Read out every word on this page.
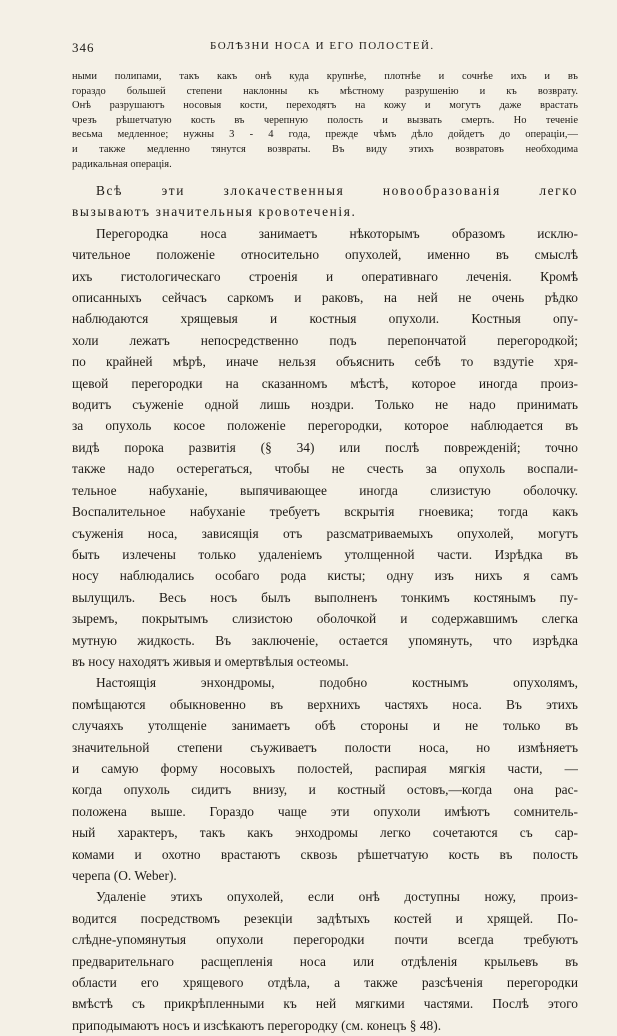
346	БОЛѢЗНИ НОСА И ЕГО ПОЛОСТЕЙ.
ными полипами, такъ какъ онѣ куда крупнѣе, плотнѣе и сочнѣе ихъ и въ
гораздо большей степени наклонны къ мѣстному разрушенію и къ возврату.
Онѣ разрушаютъ носовыя кости, переходятъ на кожу и могутъ даже врастать
чрезъ рѣшетчатую кость въ черепную полость и вызвать смерть. Но теченіе
весьма медленное; нужны 3 - 4 года, прежде чѣмъ дѣло дойдетъ до операціи,—
и также медленно тянутся возвраты. Въ виду этихъ возвратовъ необходима
радикальная операція.
Всѣ эти злокачественныя новообразованія легко
вызываютъ значительныя кровотеченія.
Перегородка носа занимаетъ нѣкоторымъ образомъ исклю-
чительное положеніе относительно опухолей, именно въ смыслѣ
ихъ гистологическаго строенія и оперативнаго леченія. Кромѣ
описанныхъ сейчасъ саркомъ и раковъ, на ней не очень рѣдко
наблюдаются хрящевыя и костныя опухоли. Костныя опу-
холи лежатъ непосредственно подъ перепончатой перегородкой;
по крайней мѣрѣ, иначе нельзя объяснить себѣ то вздутіе хря-
щевой перегородки на сказанномъ мѣстѣ, которое иногда произ-
водитъ съуженіе одной лишь ноздри. Только не надо принимать
за опухоль косое положеніе перегородки, которое наблюдается въ
видѣ порока развитія (§ 34) или послѣ поврежденій; точно
также надо остерегаться, чтобы не счесть за опухоль воспали-
тельное набуханіе, выпячивающее иногда слизистую оболочку.
Воспалительное набуханіе требуетъ вскрытія гноевика; тогда какъ
съуженія носа, зависящія отъ разсматриваемыхъ опухолей, могутъ
быть излечены только удаленіемъ утолщенной части. Изрѣдка въ
носу наблюдались особаго рода кисты; одну изъ нихъ я самъ
вылущилъ. Весь носъ былъ выполненъ тонкимъ костянымъ пу-
зыремъ, покрытымъ слизистою оболочкой и содержавшимъ слегка
мутную жидкость. Въ заключеніе, остается упомянуть, что изрѣдка
въ носу находятъ живыя и омертвѣлыя остеомы.
Настоящія энхондромы, подобно костнымъ опухолямъ,
помѣщаются обыкновенно въ верхнихъ частяхъ носа. Въ этихъ
случаяхъ утолщеніе занимаетъ обѣ стороны и не только въ
значительной степени съуживаетъ полости носа, но измѣняетъ
и самую форму носовыхъ полостей, распирая мягкія части, —
когда опухоль сидитъ внизу, и костный остовъ,—когда она рас-
положена выше. Гораздо чаще эти опухоли имѣютъ сомнитель-
ный характеръ, такъ какъ энходромы легко сочетаются съ сар-
комами и охотно врастаютъ сквозь рѣшетчатую кость въ полость
черепа (O. Weber).
Удаленіе этихъ опухолей, если онѣ доступны ножу, произ-
водится посредствомъ резекціи задѣтыхъ костей и хрящей. По-
слѣдне-упомянутыя опухоли перегородки почти всегда требуютъ
предварительнаго расщепленія носа или отдѣленія крыльевъ въ
области его хрящевого отдѣла, а также разсѣченія перегородки
вмѣстѣ съ прикрѣпленными къ ней мягкими частями. Послѣ этого
приподымаютъ носъ и изсѣкаютъ перегородку (см. конецъ § 48).
